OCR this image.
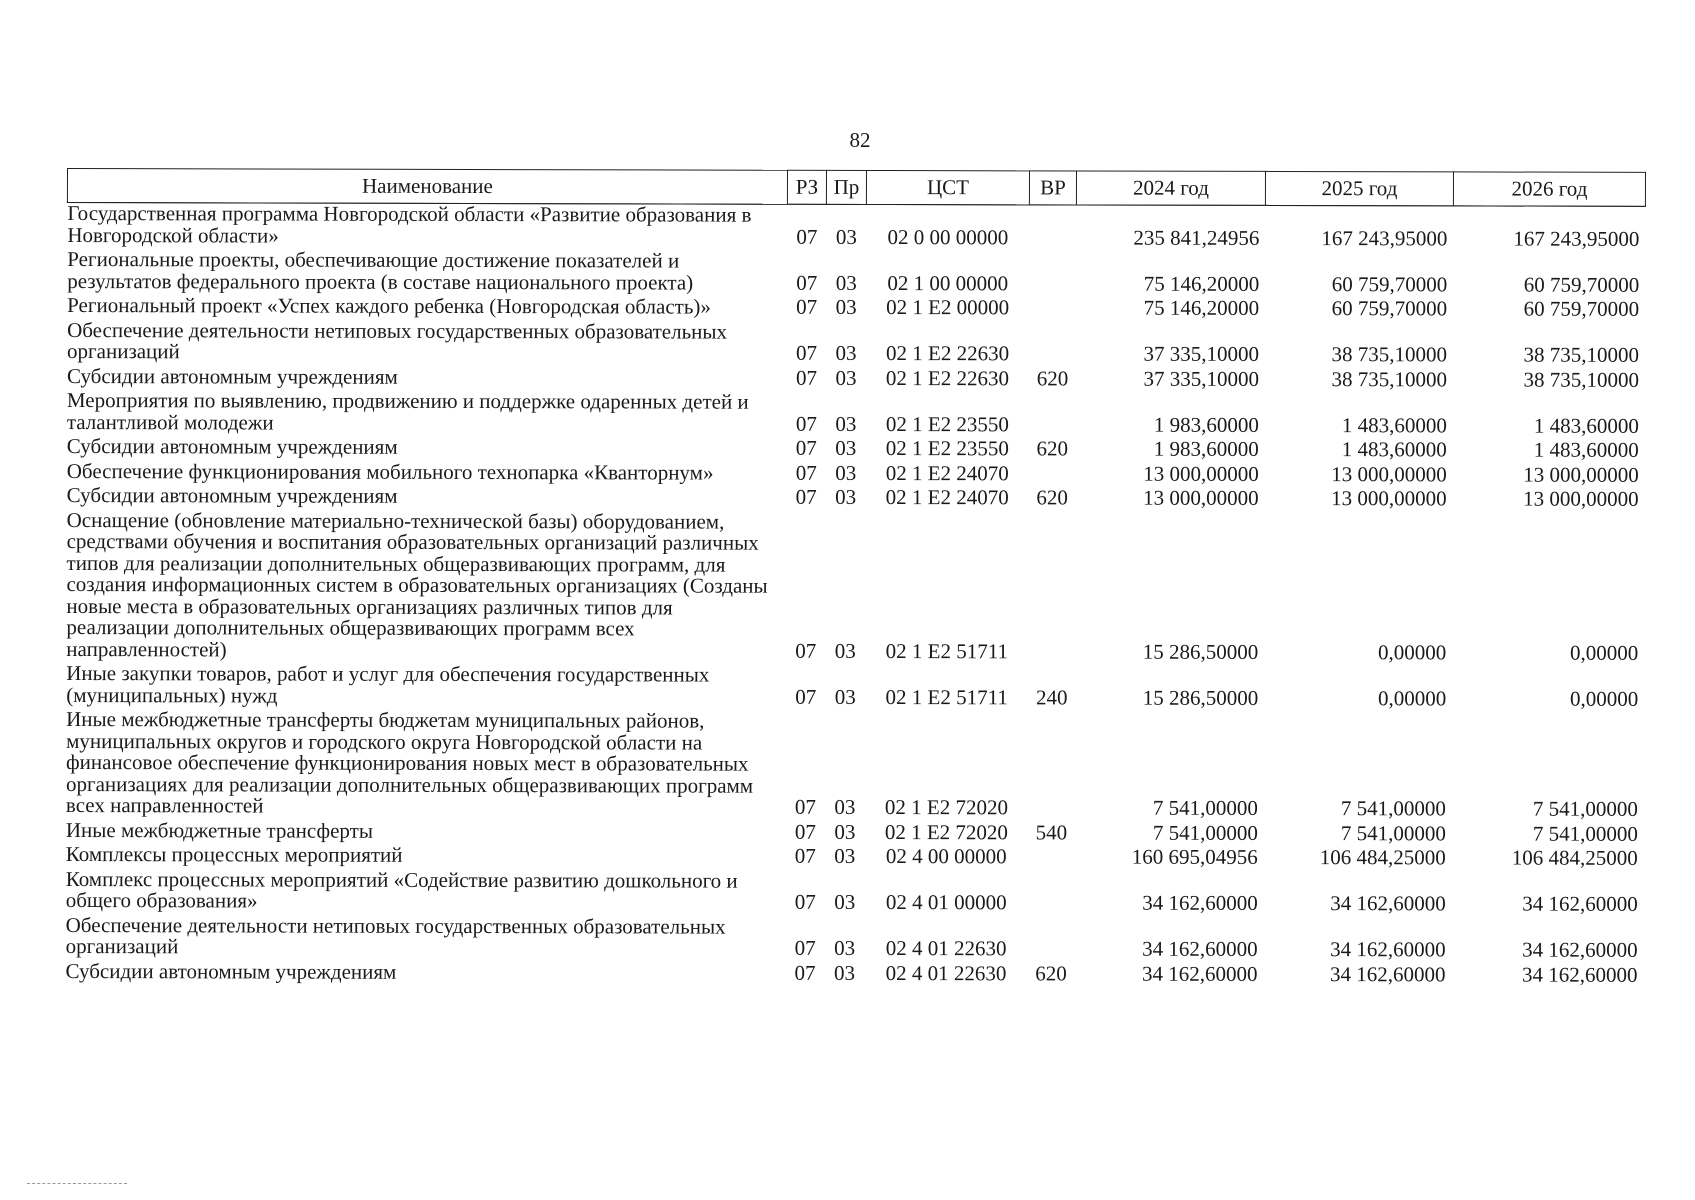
82
Наименование	РЗ	Пр	ЦСТ	ВР	2024 год	2025 год	2026 год
Государственная программа Новгородской области «Развитие образования в Новгородской области»	07	03	02 0 00 00000		235 841,24956	167 243,95000	167 243,95000
Региональные проекты, обеспечивающие достижение показателей и результатов федерального проекта (в составе национального проекта)	07	03	02 1 00 00000		75 146,20000	60 759,70000	60 759,70000
Региональный проект «Успех каждого ребенка (Новгородская область)»	07	03	02 1 E2 00000		75 146,20000	60 759,70000	60 759,70000
Обеспечение деятельности нетиповых государственных образовательных организаций	07	03	02 1 E2 22630		37 335,10000	38 735,10000	38 735,10000
Субсидии автономным учреждениям	07	03	02 1 E2 22630	620	37 335,10000	38 735,10000	38 735,10000
Мероприятия по выявлению, продвижению и поддержке одаренных детей и талантливой молодежи	07	03	02 1 E2 23550		1 983,60000	1 483,60000	1 483,60000
Субсидии автономным учреждениям	07	03	02 1 E2 23550	620	1 983,60000	1 483,60000	1 483,60000
Обеспечение функционирования мобильного технопарка «Кванторнум»	07	03	02 1 E2 24070		13 000,00000	13 000,00000	13 000,00000
Субсидии автономным учреждениям	07	03	02 1 E2 24070	620	13 000,00000	13 000,00000	13 000,00000
Оснащение (обновление материально-технической базы) оборудованием, средствами обучения и воспитания образовательных организаций различных типов для реализации дополнительных общеразвивающих программ, для создания информационных систем в образовательных организациях (Созданы новые места в образовательных организациях различных типов для реализации дополнительных общеразвивающих программ всех направленностей)	07	03	02 1 E2 51711		15 286,50000	0,00000	0,00000
Иные закупки товаров, работ и услуг для обеспечения государственных (муниципальных) нужд	07	03	02 1 E2 51711	240	15 286,50000	0,00000	0,00000
Иные межбюджетные трансферты бюджетам муниципальных районов, муниципальных округов и городского округа Новгородской области на финансовое обеспечение функционирования новых мест в образовательных организациях для реализации дополнительных общеразвивающих программ всех направленностей	07	03	02 1 E2 72020		7 541,00000	7 541,00000	7 541,00000
Иные межбюджетные трансферты	07	03	02 1 E2 72020	540	7 541,00000	7 541,00000	7 541,00000
Комплексы процессных мероприятий	07	03	02 4 00 00000		160 695,04956	106 484,25000	106 484,25000
Комплекс процессных мероприятий «Содействие развитию дошкольного и общего образования»	07	03	02 4 01 00000		34 162,60000	34 162,60000	34 162,60000
Обеспечение деятельности нетиповых государственных образовательных организаций	07	03	02 4 01 22630		34 162,60000	34 162,60000	34 162,60000
Субсидии автономным учреждениям	07	03	02 4 01 22630	620	34 162,60000	34 162,60000	34 162,60000
